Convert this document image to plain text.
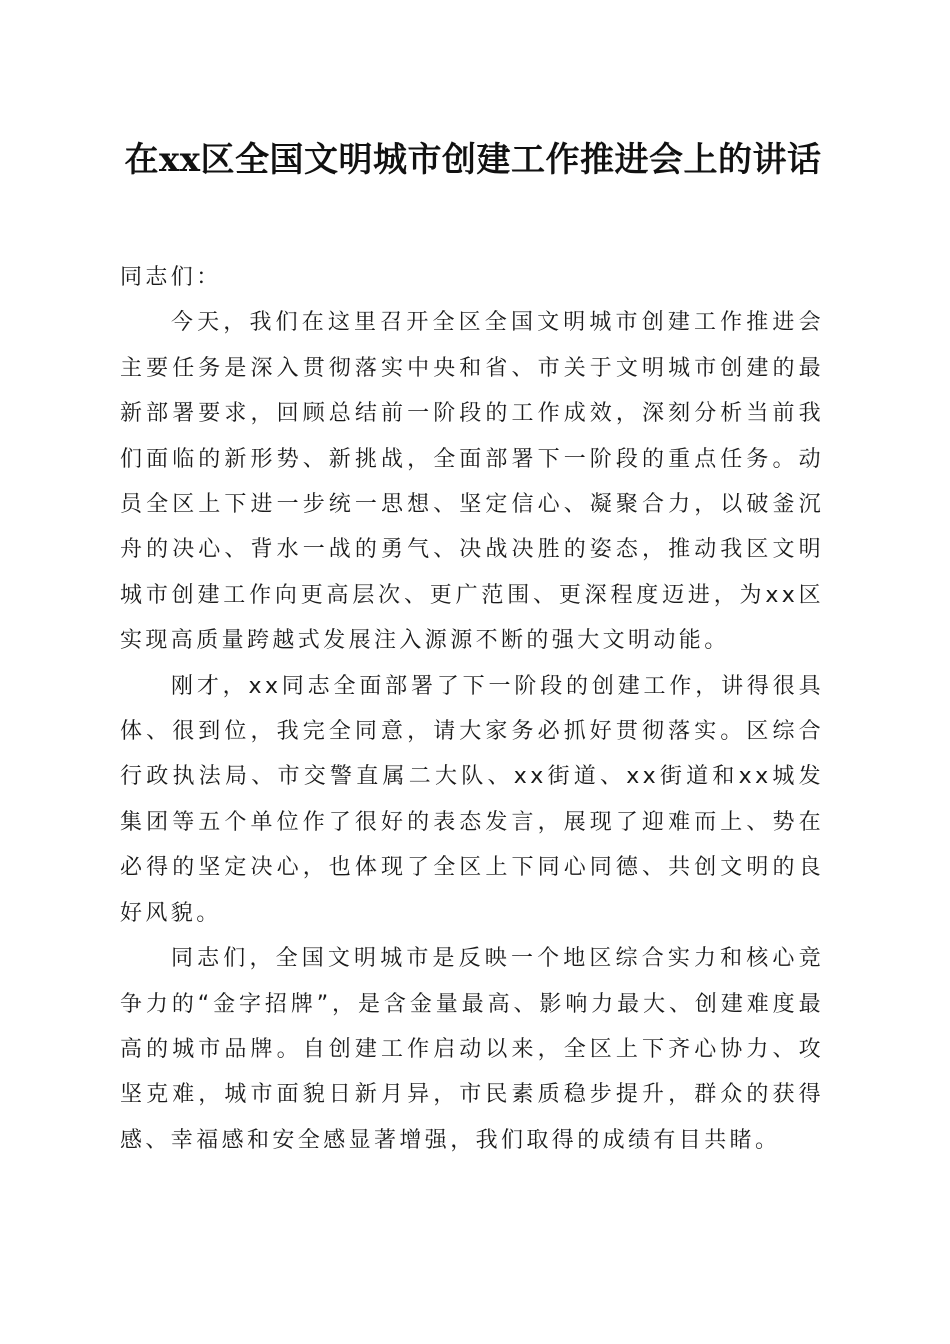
在xx区全国文明城市创建工作推进会上的讲话

同志们：

今天，我们在这里召开全区全国文明城市创建工作推进会主要任务是深入贯彻落实中央和省、市关于文明城市创建的最新部署要求，回顾总结前一阶段的工作成效，深刻分析当前我们面临的新形势、新挑战，全面部署下一阶段的重点任务。动员全区上下进一步统一思想、坚定信心、凝聚合力，以破釜沉舟的决心、背水一战的勇气、决战决胜的姿态，推动我区文明城市创建工作向更高层次、更广范围、更深程度迈进，为xx区实现高质量跨越式发展注入源源不断的强大文明动能。

刚才，xx同志全面部署了下一阶段的创建工作，讲得很具体、很到位，我完全同意，请大家务必抓好贯彻落实。区综合行政执法局、市交警直属二大队、xx街道、xx街道和xx城发集团等五个单位作了很好的表态发言，展现了迎难而上、势在必得的坚定决心，也体现了全区上下同心同德、共创文明的良好风貌。

同志们，全国文明城市是反映一个地区综合实力和核心竞争力的“金字招牌”，是含金量最高、影响力最大、创建难度最高的城市品牌。自创建工作启动以来，全区上下齐心协力、攻坚克难，城市面貌日新月异，市民素质稳步提升，群众的获得感、幸福感和安全感显著增强，我们取得的成绩有目共睹。
